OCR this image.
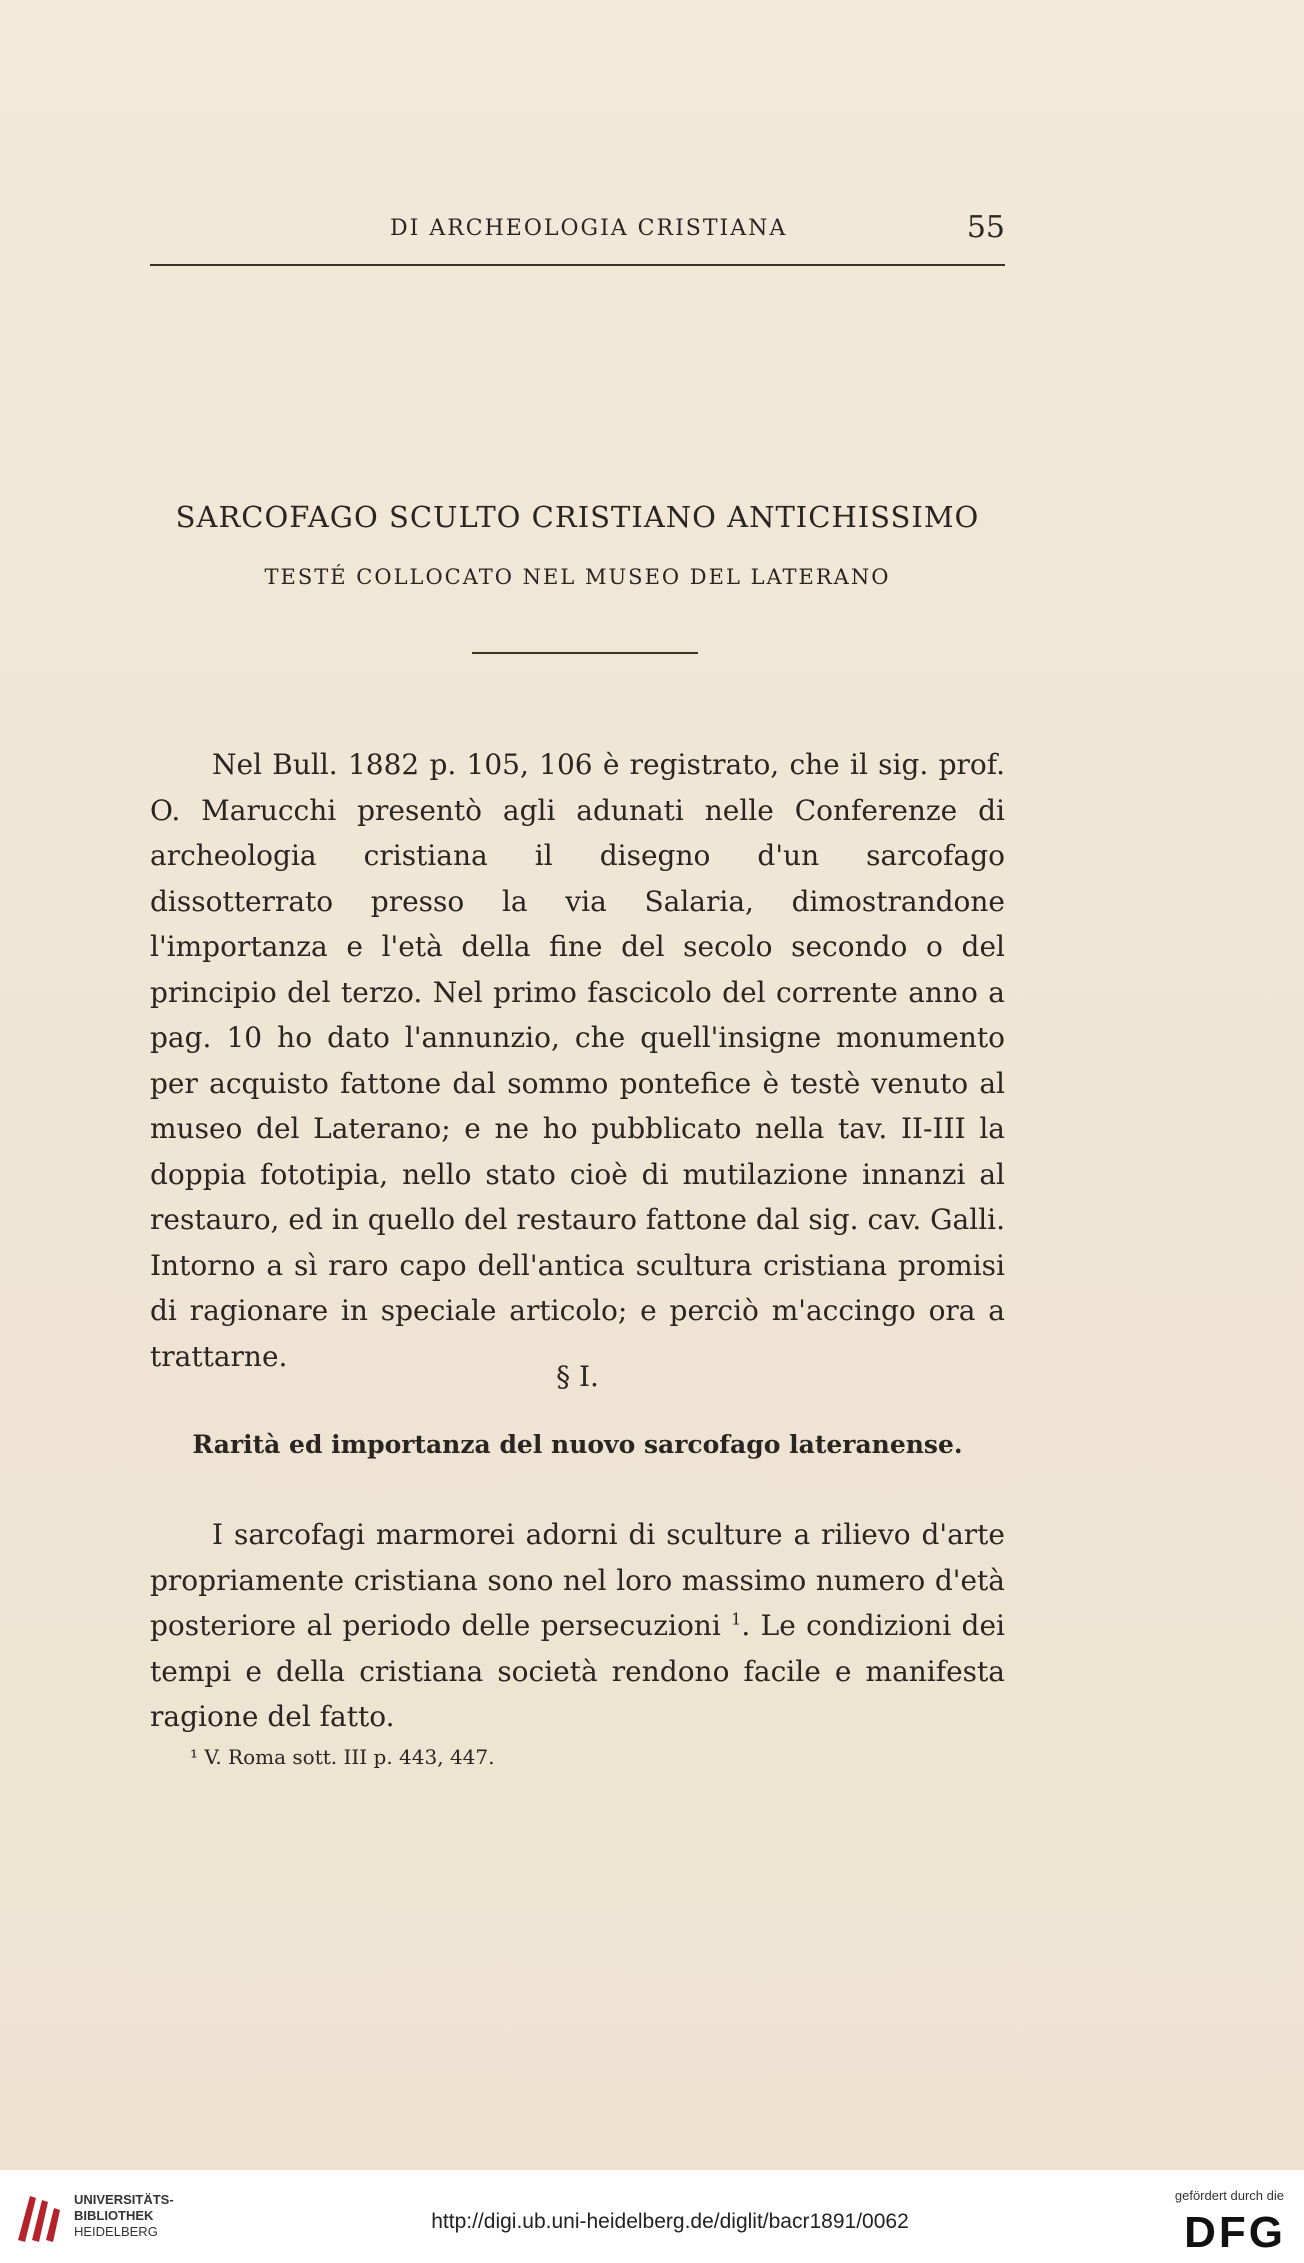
DI ARCHEOLOGIA CRISTIANA	55
SARCOFAGO SCULTO CRISTIANO ANTICHISSIMO
TESTÉ COLLOCATO NEL MUSEO DEL LATERANO

Nel Bull. 1882 p. 105, 106 è registrato, che il sig. prof. O. Marucchi presentò agli adunati nelle Conferenze di archeologia cristiana il disegno d'un sarcofago dissotterrato presso la via Salaria, dimostrandone l'importanza e l'età della fine del secolo secondo o del principio del terzo. Nel primo fascicolo del corrente anno a pag. 10 ho dato l'annunzio, che quell'insigne monumento per acquisto fattone dal sommo pontefice è testè venuto al museo del Laterano; e ne ho pubblicato nella tav. II-III la doppia fototipia, nello stato cioè di mutilazione innanzi al restauro, ed in quello del restauro fattone dal sig. cav. Galli. Intorno a sì raro capo dell'antica scultura cristiana promisi di ragionare in speciale articolo; e perciò m'accingo ora a trattarne.

§ I.
Rarità ed importanza del nuovo sarcofago lateranense.

I sarcofagi marmorei adorni di sculture a rilievo d'arte propriamente cristiana sono nel loro massimo numero d'età posteriore al periodo delle persecuzioni $^1$. Le condizioni dei tempi e della cristiana società rendono facile e manifesta ragione del fatto.

¹ V. Roma sott. III p. 443, 447.
UNIVERSITÄTS-
BIBLIOTHEK
HEIDELBERG	http://digi.ub.uni-heidelberg.de/diglit/bacr1891/0062
gefördert durch die
DFG
